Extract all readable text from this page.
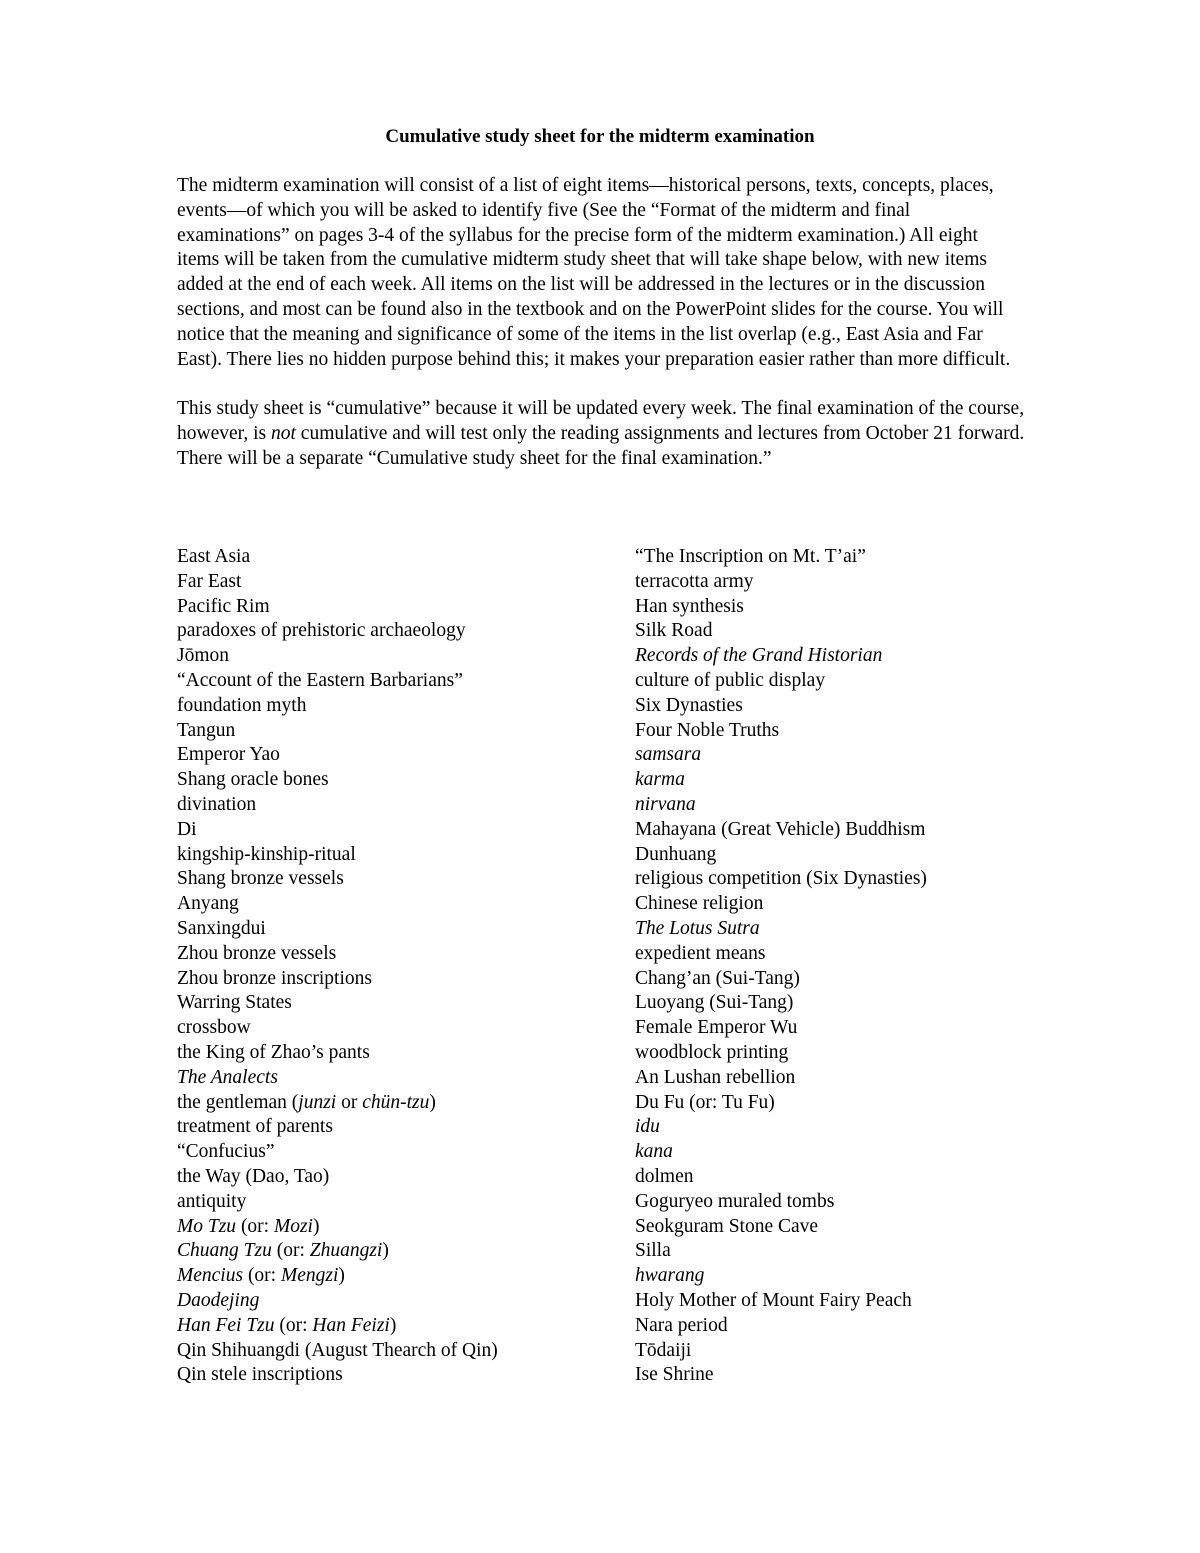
Cumulative study sheet for the midterm examination

The midterm examination will consist of a list of eight items—historical persons, texts, concepts, places, events—of which you will be asked to identify five (See the “Format of the midterm and final examinations” on pages 3-4 of the syllabus for the precise form of the midterm examination.) All eight items will be taken from the cumulative midterm study sheet that will take shape below, with new items added at the end of each week. All items on the list will be addressed in the lectures or in the discussion sections, and most can be found also in the textbook and on the PowerPoint slides for the course. You will notice that the meaning and significance of some of the items in the list overlap (e.g., East Asia and Far East). There lies no hidden purpose behind this; it makes your preparation easier rather than more difficult.

This study sheet is “cumulative” because it will be updated every week. The final examination of the course, however, is not cumulative and will test only the reading assignments and lectures from October 21 forward. There will be a separate “Cumulative study sheet for the final examination.”

East Asia
Far East
Pacific Rim
paradoxes of prehistoric archaeology
Jōmon
“Account of the Eastern Barbarians”
foundation myth
Tangun
Emperor Yao
Shang oracle bones
divination
Di
kingship-kinship-ritual
Shang bronze vessels
Anyang
Sanxingdui
Zhou bronze vessels
Zhou bronze inscriptions
Warring States
crossbow
the King of Zhao’s pants
The Analects
the gentleman (junzi or chün-tzu)
treatment of parents
“Confucius”
the Way (Dao, Tao)
antiquity
Mo Tzu (or: Mozi)
Chuang Tzu (or: Zhuangzi)
Mencius (or: Mengzi)
Daodejing
Han Fei Tzu (or: Han Feizi)
Qin Shihuangdi (August Thearch of Qin)
Qin stele inscriptions
“The Inscription on Mt. T’ai”
terracotta army
Han synthesis
Silk Road
Records of the Grand Historian
culture of public display
Six Dynasties
Four Noble Truths
samsara
karma
nirvana
Mahayana (Great Vehicle) Buddhism
Dunhuang
religious competition (Six Dynasties)
Chinese religion
The Lotus Sutra
expedient means
Chang’an (Sui-Tang)
Luoyang (Sui-Tang)
Female Emperor Wu
woodblock printing
An Lushan rebellion
Du Fu (or: Tu Fu)
idu
kana
dolmen
Goguryeo muraled tombs
Seokguram Stone Cave
Silla
hwarang
Holy Mother of Mount Fairy Peach
Nara period
Tōdaiji
Ise Shrine
